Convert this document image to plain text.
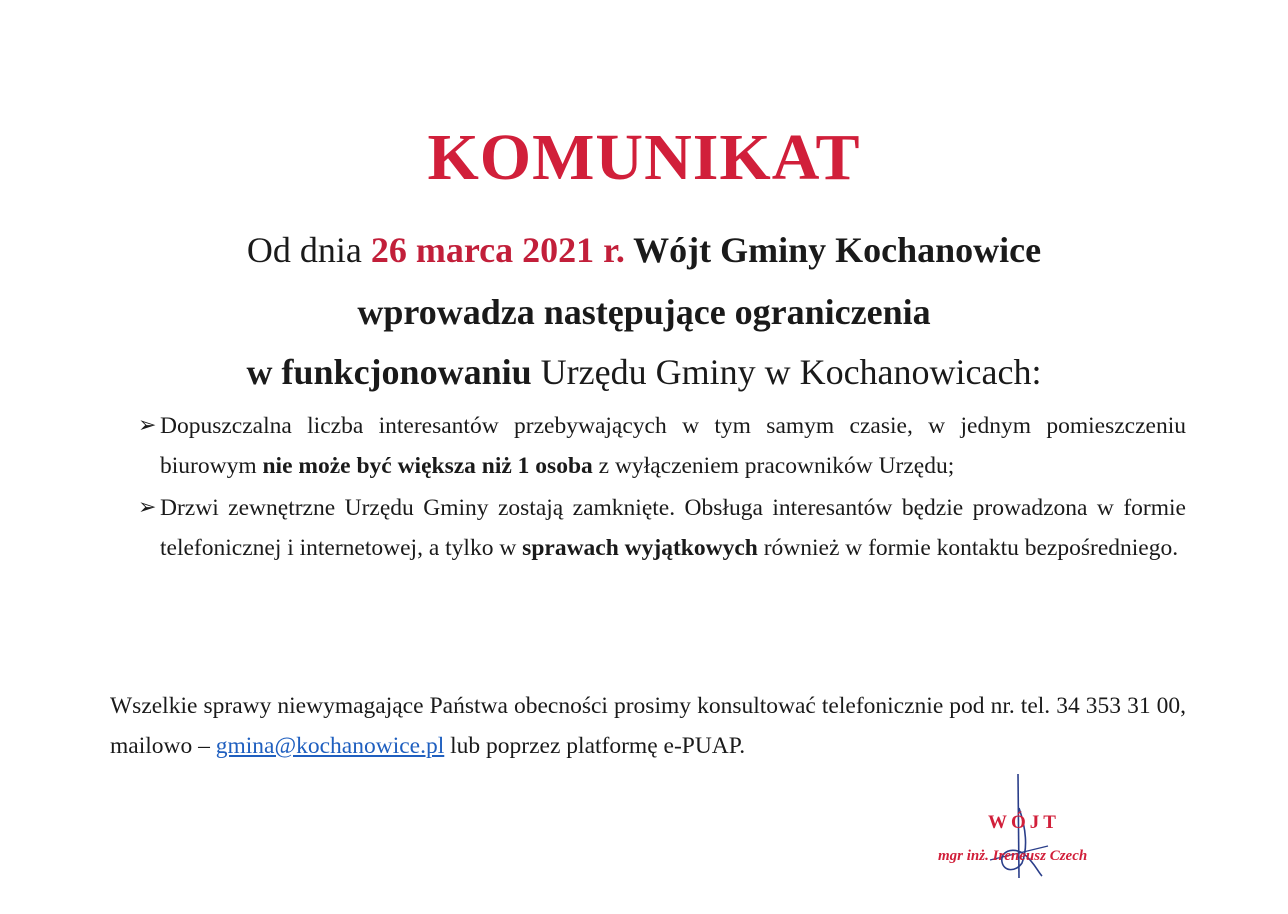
KOMUNIKAT
Od dnia 26 marca 2021 r. Wójt Gminy Kochanowice
wprowadza następujące ograniczenia
w funkcjonowaniu Urzędu Gminy w Kochanowicach:
➢ Dopuszczalna liczba interesantów przebywających w tym samym czasie, w jednym pomieszczeniu biurowym nie może być większa niż 1 osoba z wyłączeniem pracowników Urzędu;
➢ Drzwi zewnętrzne Urzędu Gminy zostają zamknięte. Obsługa interesantów będzie prowadzona w formie telefonicznej i internetowej, a tylko w sprawach wyjątkowych również w formie kontaktu bezpośredniego.
Wszelkie sprawy niewymagające Państwa obecności prosimy konsultować telefonicznie pod nr. tel. 34 353 31 00, mailowo – gmina@kochanowice.pl lub poprzez platformę e-PUAP.
WÓJT
mgr inż. Ireneusz Czech
